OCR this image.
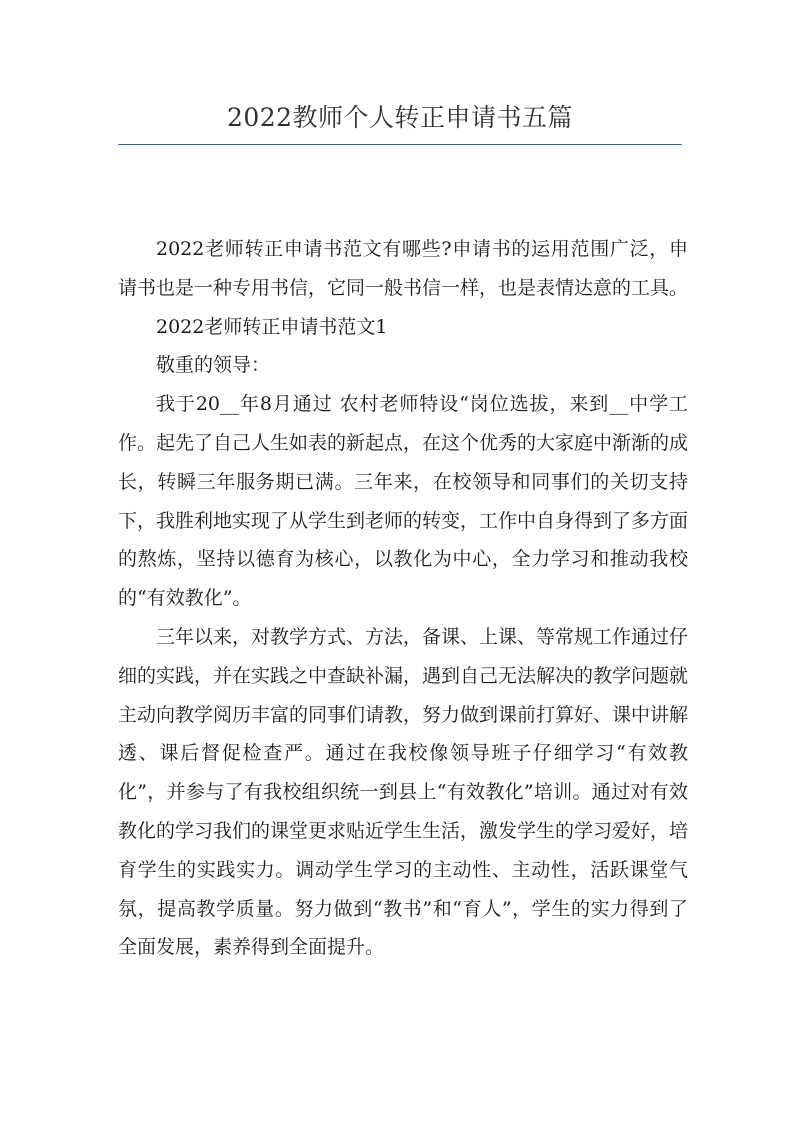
2022教师个人转正申请书五篇

2022老师转正申请书范文有哪些?申请书的运用范围广泛，申请书也是一种专用书信，它同一般书信一样，也是表情达意的工具。

2022老师转正申请书范文1

敬重的领导：

我于20__年8月通过 农村老师特设“岗位选拔，来到__中学工作。起先了自己人生如表的新起点，在这个优秀的大家庭中渐渐的成长，转瞬三年服务期已满。三年来，在校领导和同事们的关切支持下，我胜利地实现了从学生到老师的转变，工作中自身得到了多方面的熬炼，坚持以德育为核心，以教化为中心，全力学习和推动我校的“有效教化”。

三年以来，对教学方式、方法，备课、上课、等常规工作通过仔细的实践，并在实践之中查缺补漏，遇到自己无法解决的教学问题就主动向教学阅历丰富的同事们请教，努力做到课前打算好、课中讲解透、课后督促检查严。通过在我校像领导班子仔细学习“有效教化”，并参与了有我校组织统一到县上“有效教化”培训。通过对有效教化的学习我们的课堂更求贴近学生生活，激发学生的学习爱好，培育学生的实践实力。调动学生学习的主动性、主动性，活跃课堂气氛，提高教学质量。努力做到“教书”和“育人”，学生的实力得到了全面发展，素养得到全面提升。
